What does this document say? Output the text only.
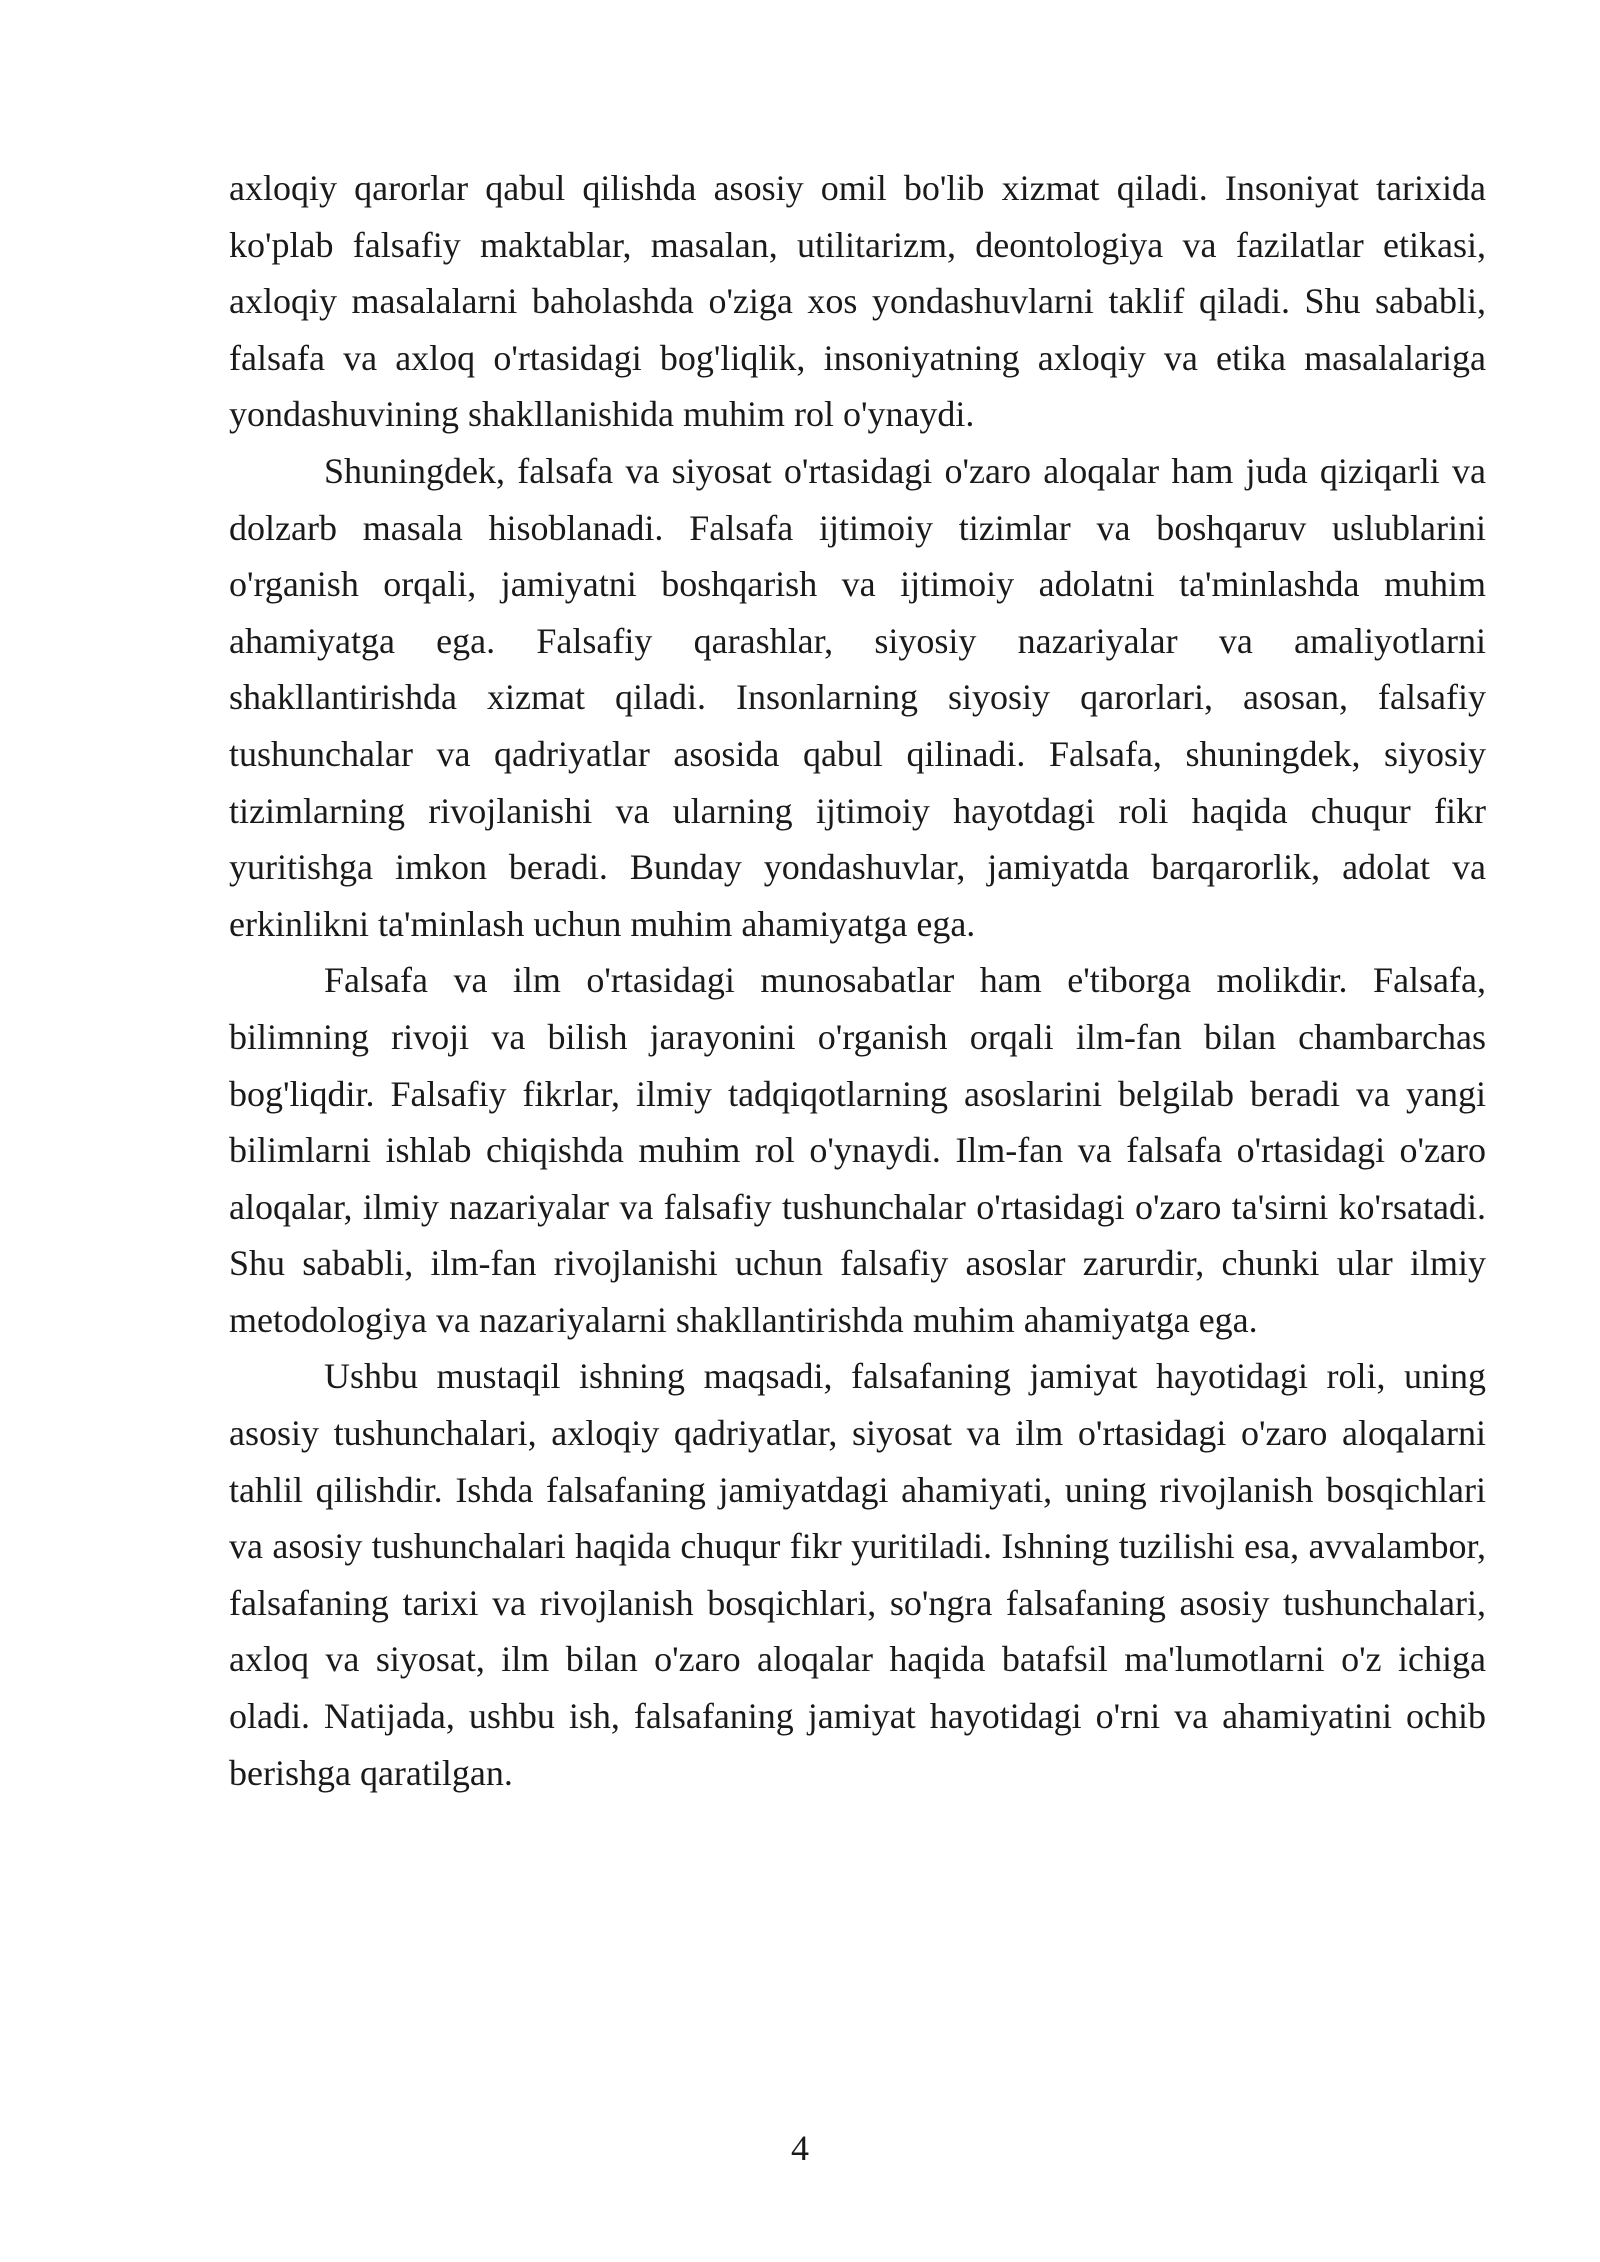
axloqiy qarorlar qabul qilishda asosiy omil bo'lib xizmat qiladi. Insoniyat tarixida ko'plab falsafiy maktablar, masalan, utilitarizm, deontologiya va fazilatlar etikasi, axloqiy masalalarni baholashda o'ziga xos yondashuvlarni taklif qiladi. Shu sababli, falsafa va axloq o'rtasidagi bog'liqlik, insoniyatning axloqiy va etika masalalariga yondashuvining shakllanishida muhim rol o'ynaydi.

Shuningdek, falsafa va siyosat o'rtasidagi o'zaro aloqalar ham juda qiziqarli va dolzarb masala hisoblanadi. Falsafa ijtimoiy tizimlar va boshqaruv uslublarini o'rganish orqali, jamiyatni boshqarish va ijtimoiy adolatni ta'minlashda muhim ahamiyatga ega. Falsafiy qarashlar, siyosiy nazariyalar va amaliyotlarni shakllantirishda xizmat qiladi. Insonlarning siyosiy qarorlari, asosan, falsafiy tushunchalar va qadriyatlar asosida qabul qilinadi. Falsafa, shuningdek, siyosiy tizimlarning rivojlanishi va ularning ijtimoiy hayotdagi roli haqida chuqur fikr yuritishga imkon beradi. Bunday yondashuvlar, jamiyatda barqarorlik, adolat va erkinlikni ta'minlash uchun muhim ahamiyatga ega.

Falsafa va ilm o'rtasidagi munosabatlar ham e'tiborga molikdir. Falsafa, bilimning rivoji va bilish jarayonini o'rganish orqali ilm-fan bilan chambarchas bog'liqdir. Falsafiy fikrlar, ilmiy tadqiqotlarning asoslarini belgilab beradi va yangi bilimlarni ishlab chiqishda muhim rol o'ynaydi. Ilm-fan va falsafa o'rtasidagi o'zaro aloqalar, ilmiy nazariyalar va falsafiy tushunchalar o'rtasidagi o'zaro ta'sirni ko'rsatadi. Shu sababli, ilm-fan rivojlanishi uchun falsafiy asoslar zarurdir, chunki ular ilmiy metodologiya va nazariyalarni shakllantirishda muhim ahamiyatga ega.

Ushbu mustaqil ishning maqsadi, falsafaning jamiyat hayotidagi roli, uning asosiy tushunchalari, axloqiy qadriyatlar, siyosat va ilm o'rtasidagi o'zaro aloqalarni tahlil qilishdir. Ishda falsafaning jamiyatdagi ahamiyati, uning rivojlanish bosqichlari va asosiy tushunchalari haqida chuqur fikr yuritiladi. Ishning tuzilishi esa, avvalambor, falsafaning tarixi va rivojlanish bosqichlari, so'ngra falsafaning asosiy tushunchalari, axloq va siyosat, ilm bilan o'zaro aloqalar haqida batafsil ma'lumotlarni o'z ichiga oladi. Natijada, ushbu ish, falsafaning jamiyat hayotidagi o'rni va ahamiyatini ochib berishga qaratilgan.

4
